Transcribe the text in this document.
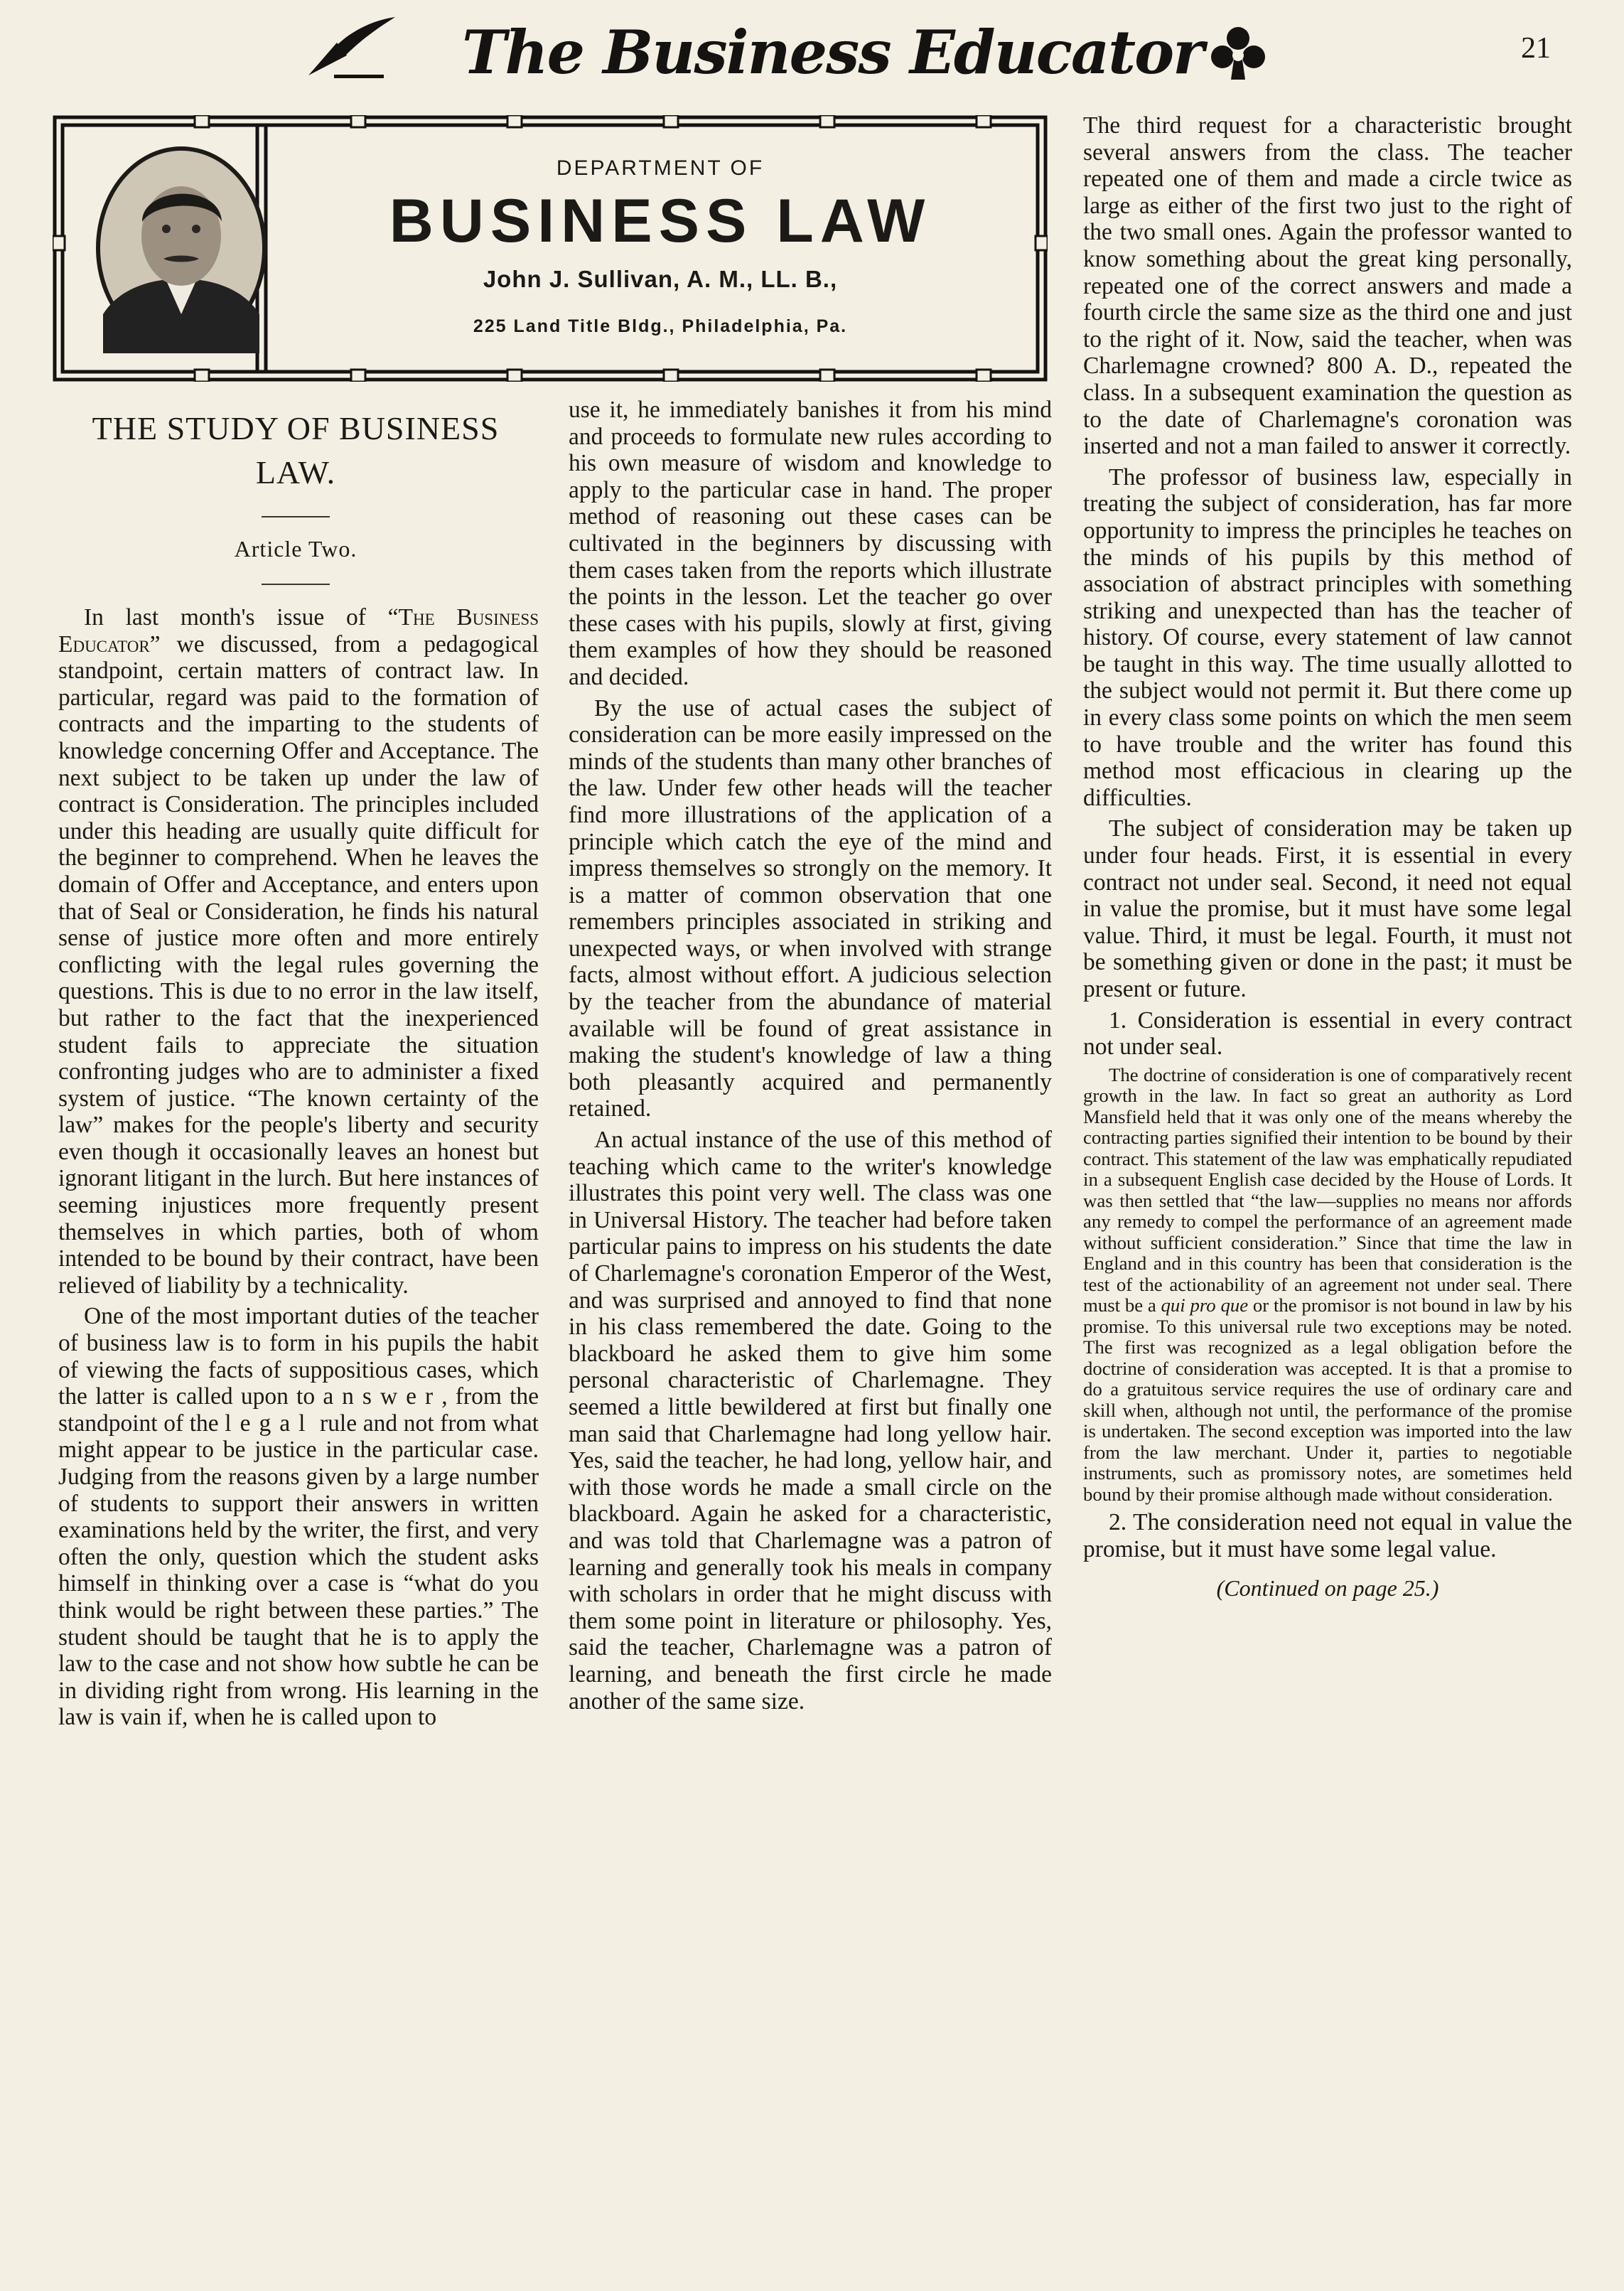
The Business Educator	21
DEPARTMENT OF
BUSINESS LAW
John J. Sullivan, A. M., LL. B.,
225 Land Title Bldg., Philadelphia, Pa.
THE STUDY OF BUSINESS LAW.
Article Two.

In last month's issue of “The Business Educator” we discussed, from a pedagogical standpoint, certain matters of contract law. In particular, regard was paid to the formation of contracts and the imparting to the students of knowledge concerning Offer and Acceptance. The next subject to be taken up under the law of contract is Consideration. The principles included under this heading are usually quite difficult for the beginner to comprehend. When he leaves the domain of Offer and Acceptance, and enters upon that of Seal or Consideration, he finds his natural sense of justice more often and more entirely conflicting with the legal rules governing the questions. This is due to no error in the law itself, but rather to the fact that the inexperienced student fails to appreciate the situation confronting judges who are to administer a fixed system of justice. “The known certainty of the law” makes for the people's liberty and security even though it occasionally leaves an honest but ignorant litigant in the lurch. But here instances of seeming injustices more frequently present themselves in which parties, both of whom intended to be bound by their contract, have been relieved of liability by a technicality.

One of the most important duties of the teacher of business law is to form in his pupils the habit of viewing the facts of suppositious cases, which the latter is called upon to answer, from the standpoint of the legal rule and not from what might appear to be justice in the particular case. Judging from the reasons given by a large number of students to support their answers in written examinations held by the writer, the first, and very often the only, question which the student asks himself in thinking over a case is “what do you think would be right between these parties.” The student should be taught that he is to apply the law to the case and not show how subtle he can be in dividing right from wrong. His learning in the law is vain if, when he is called upon to

use it, he immediately banishes it from his mind and proceeds to formulate new rules according to his own measure of wisdom and knowledge to apply to the particular case in hand. The proper method of reasoning out these cases can be cultivated in the beginners by discussing with them cases taken from the reports which illustrate the points in the lesson. Let the teacher go over these cases with his pupils, slowly at first, giving them examples of how they should be reasoned and decided.

By the use of actual cases the subject of consideration can be more easily impressed on the minds of the students than many other branches of the law. Under few other heads will the teacher find more illustrations of the application of a principle which catch the eye of the mind and impress themselves so strongly on the memory. It is a matter of common observation that one remembers principles associated in striking and unexpected ways, or when involved with strange facts, almost without effort. A judicious selection by the teacher from the abundance of material available will be found of great assistance in making the student's knowledge of law a thing both pleasantly acquired and permanently retained.

An actual instance of the use of this method of teaching which came to the writer's knowledge illustrates this point very well. The class was one in Universal History. The teacher had before taken particular pains to impress on his students the date of Charlemagne's coronation Emperor of the West, and was surprised and annoyed to find that none in his class remembered the date. Going to the blackboard he asked them to give him some personal characteristic of Charlemagne. They seemed a little bewildered at first but finally one man said that Charlemagne had long yellow hair. Yes, said the teacher, he had long, yellow hair, and with those words he made a small circle on the blackboard. Again he asked for a characteristic, and was told that Charlemagne was a patron of learning and generally took his meals in company with scholars in order that he might discuss with them some point in literature or philosophy. Yes, said the teacher, Charlemagne was a patron of learning, and beneath the first circle he made another of the same size.

The third request for a characteristic brought several answers from the class. The teacher repeated one of them and made a circle twice as large as either of the first two just to the right of the two small ones. Again the professor wanted to know something about the great king personally, repeated one of the correct answers and made a fourth circle the same size as the third one and just to the right of it. Now, said the teacher, when was Charlemagne crowned? 800 A. D., repeated the class. In a subsequent examination the question as to the date of Charlemagne's coronation was inserted and not a man failed to answer it correctly.

The professor of business law, especially in treating the subject of consideration, has far more opportunity to impress the principles he teaches on the minds of his pupils by this method of association of abstract principles with something striking and unexpected than has the teacher of history. Of course, every statement of law cannot be taught in this way. The time usually allotted to the subject would not permit it. But there come up in every class some points on which the men seem to have trouble and the writer has found this method most efficacious in clearing up the difficulties.

The subject of consideration may be taken up under four heads. First, it is essential in every contract not under seal. Second, it need not equal in value the promise, but it must have some legal value. Third, it must be legal. Fourth, it must not be something given or done in the past; it must be present or future.

1. Consideration is essential in every contract not under seal.

The doctrine of consideration is one of comparatively recent growth in the law. In fact so great an authority as Lord Mansfield held that it was only one of the means whereby the contracting parties signified their intention to be bound by their contract. This statement of the law was emphatically repudiated in a subsequent English case decided by the House of Lords. It was then settled that “the law—supplies no means nor affords any remedy to compel the performance of an agreement made without sufficient consideration.” Since that time the law in England and in this country has been that consideration is the test of the actionability of an agreement not under seal. There must be a qui pro que or the promisor is not bound in law by his promise. To this universal rule two exceptions may be noted. The first was recognized as a legal obligation before the doctrine of consideration was accepted. It is that a promise to do a gratuitous service requires the use of ordinary care and skill when, although not until, the performance of the promise is undertaken. The second exception was imported into the law from the law merchant. Under it, parties to negotiable instruments, such as promissory notes, are sometimes held bound by their promise although made without consideration.

2. The consideration need not equal in value the promise, but it must have some legal value.

(Continued on page 25.)
